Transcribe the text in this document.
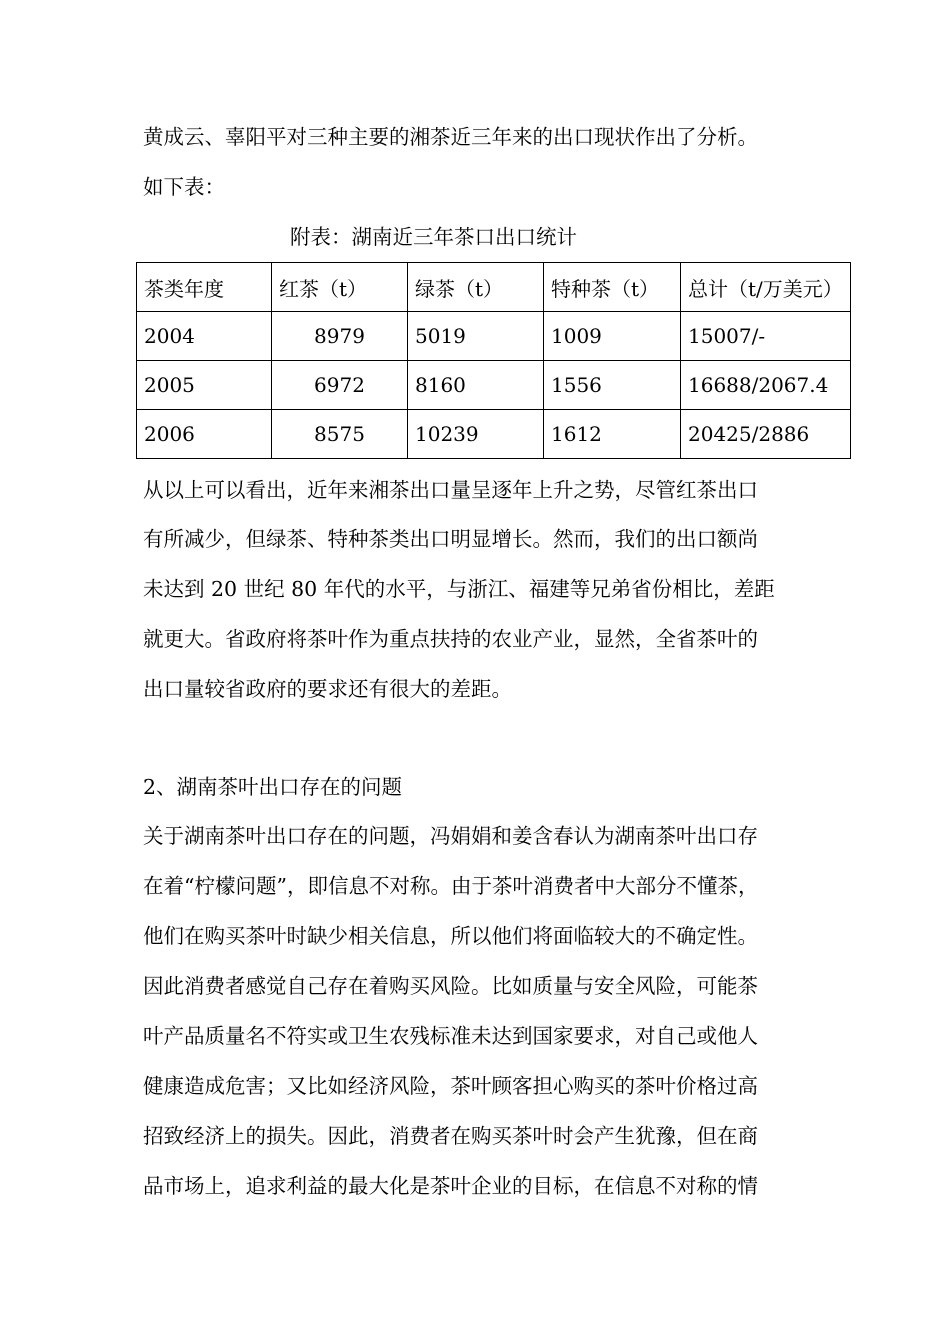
黄成云、辜阳平对三种主要的湘茶近三年来的出口现状作出了分析。
如下表：
附表：湖南近三年茶口出口统计
茶类年度	红茶（t）	绿茶（t）	特种茶（t）	总计（t/万美元）
2004	8979	5019	1009	15007/-
2005	6972	8160	1556	16688/2067.4
2006	8575	10239	1612	20425/2886
从以上可以看出，近年来湘茶出口量呈逐年上升之势，尽管红茶出口
有所减少，但绿茶、特种茶类出口明显增长。然而，我们的出口额尚
未达到 20 世纪 80 年代的水平，与浙江、福建等兄弟省份相比，差距
就更大。省政府将茶叶作为重点扶持的农业产业，显然，全省茶叶的
出口量较省政府的要求还有很大的差距。
2、湖南茶叶出口存在的问题
关于湖南茶叶出口存在的问题，冯娟娟和姜含春认为湖南茶叶出口存
在着“柠檬问题”，即信息不对称。由于茶叶消费者中大部分不懂茶，
他们在购买茶叶时缺少相关信息，所以他们将面临较大的不确定性。
因此消费者感觉自己存在着购买风险。比如质量与安全风险，可能茶
叶产品质量名不符实或卫生农残标准未达到国家要求，对自己或他人
健康造成危害；又比如经济风险，茶叶顾客担心购买的茶叶价格过高
招致经济上的损失。因此，消费者在购买茶叶时会产生犹豫，但在商
品市场上，追求利益的最大化是茶叶企业的目标，在信息不对称的情
